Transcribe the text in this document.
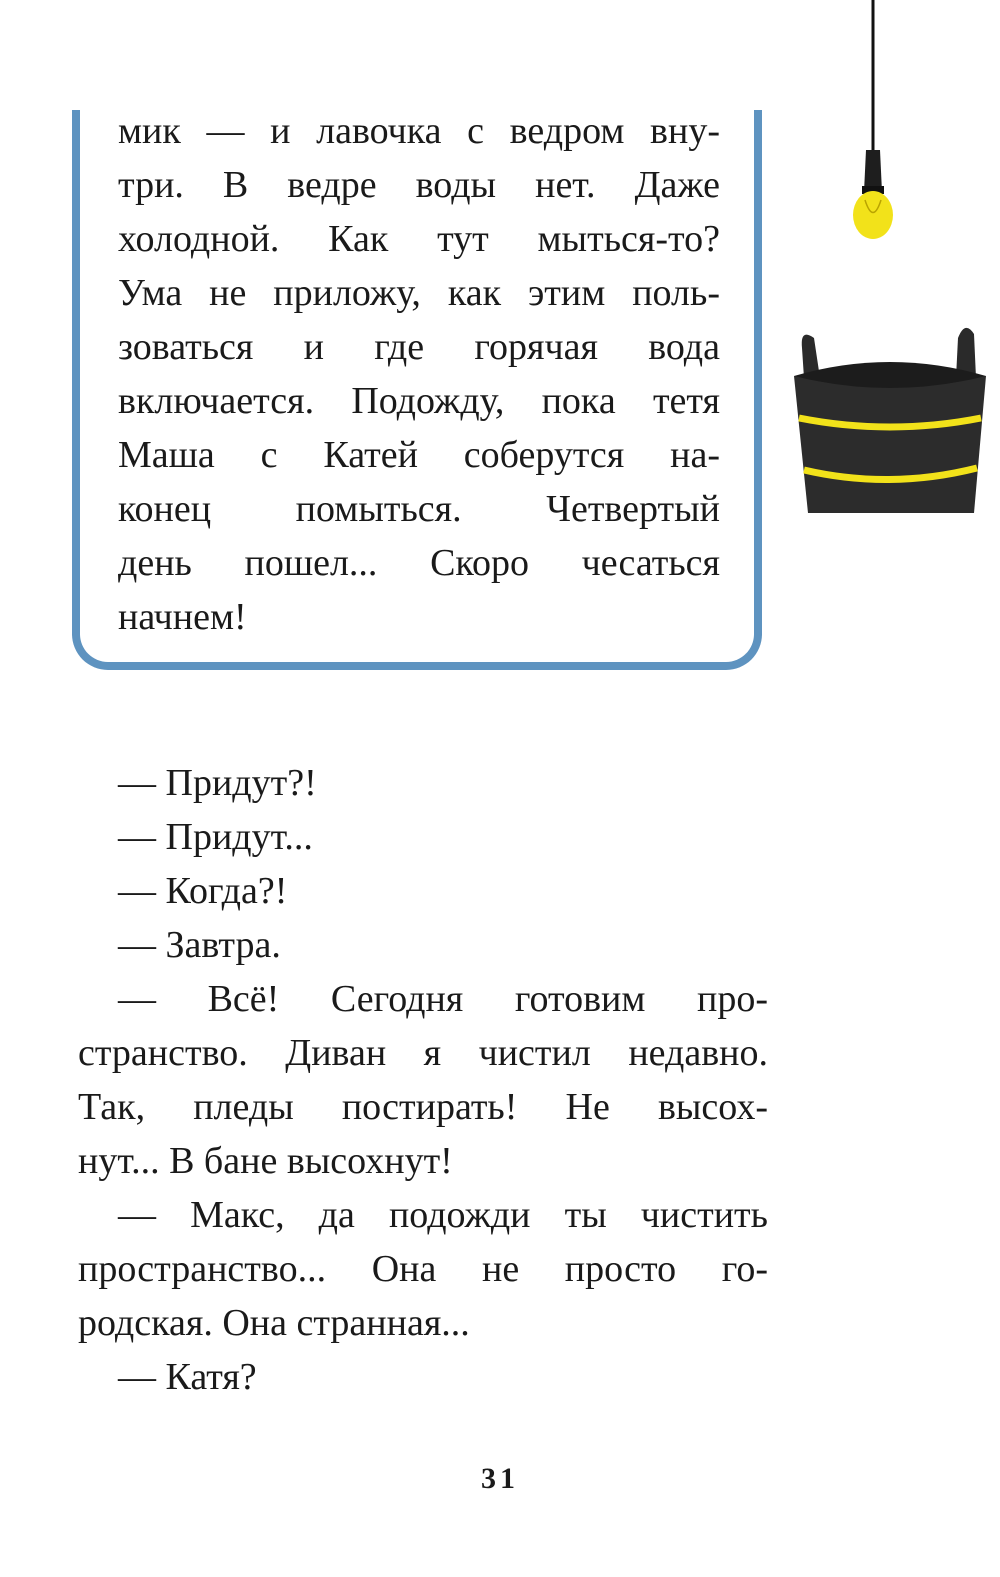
мик — и лавочка с ведром вну-
три. В ведре воды нет. Даже
холодной. Как тут мыться-то?
Ума не приложу, как этим поль-
зоваться и где горячая вода
включается. Подожду, пока тетя
Маша с Катей соберутся на-
конец помыться. Четвертый
день пошел... Скоро чесаться
начнем!
— Придут?!
— Придут...
— Когда?!
— Завтра.
— Всё! Сегодня готовим про-
странство. Диван я чистил недавно.
Так, пледы постирать! Не высох-
нут... В бане высохнут!
— Макс, да подожди ты чистить
пространство... Она не просто го-
родская. Она странная...
— Катя?
31
